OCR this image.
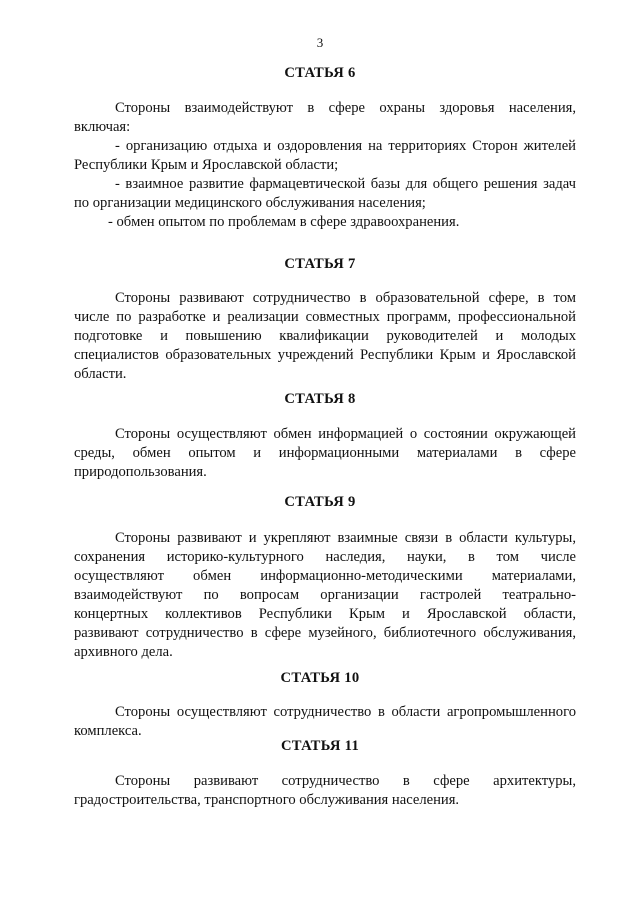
3
СТАТЬЯ 6
Стороны взаимодействуют в сфере охраны здоровья населения,
включая:
- организацию отдыха и оздоровления на территориях Сторон жителей
Республики Крым и Ярославской области;
- взаимное развитие фармацевтической базы для общего решения задач
по организации медицинского обслуживания населения;
- обмен опытом по проблемам в сфере здравоохранения.
СТАТЬЯ 7
Стороны развивают сотрудничество в образовательной сфере, в том
числе по разработке и реализации совместных программ, профессиональной
подготовке и повышению квалификации руководителей и молодых
специалистов образовательных учреждений Республики Крым и Ярославской
области.
СТАТЬЯ 8
Стороны осуществляют обмен информацией о состоянии окружающей
среды, обмен опытом и информационными материалами в сфере
природопользования.
СТАТЬЯ 9
Стороны развивают и укрепляют взаимные связи в области культуры,
сохранения историко-культурного наследия, науки, в том числе
осуществляют обмен информационно-методическими материалами,
взаимодействуют по вопросам организации гастролей театрально-
концертных коллективов Республики Крым и Ярославской области,
развивают сотрудничество в сфере музейного, библиотечного обслуживания,
архивного дела.
СТАТЬЯ 10
Стороны осуществляют сотрудничество в области агропромышленного
комплекса.
СТАТЬЯ 11
Стороны развивают сотрудничество в сфере архитектуры,
градостроительства, транспортного обслуживания населения.
